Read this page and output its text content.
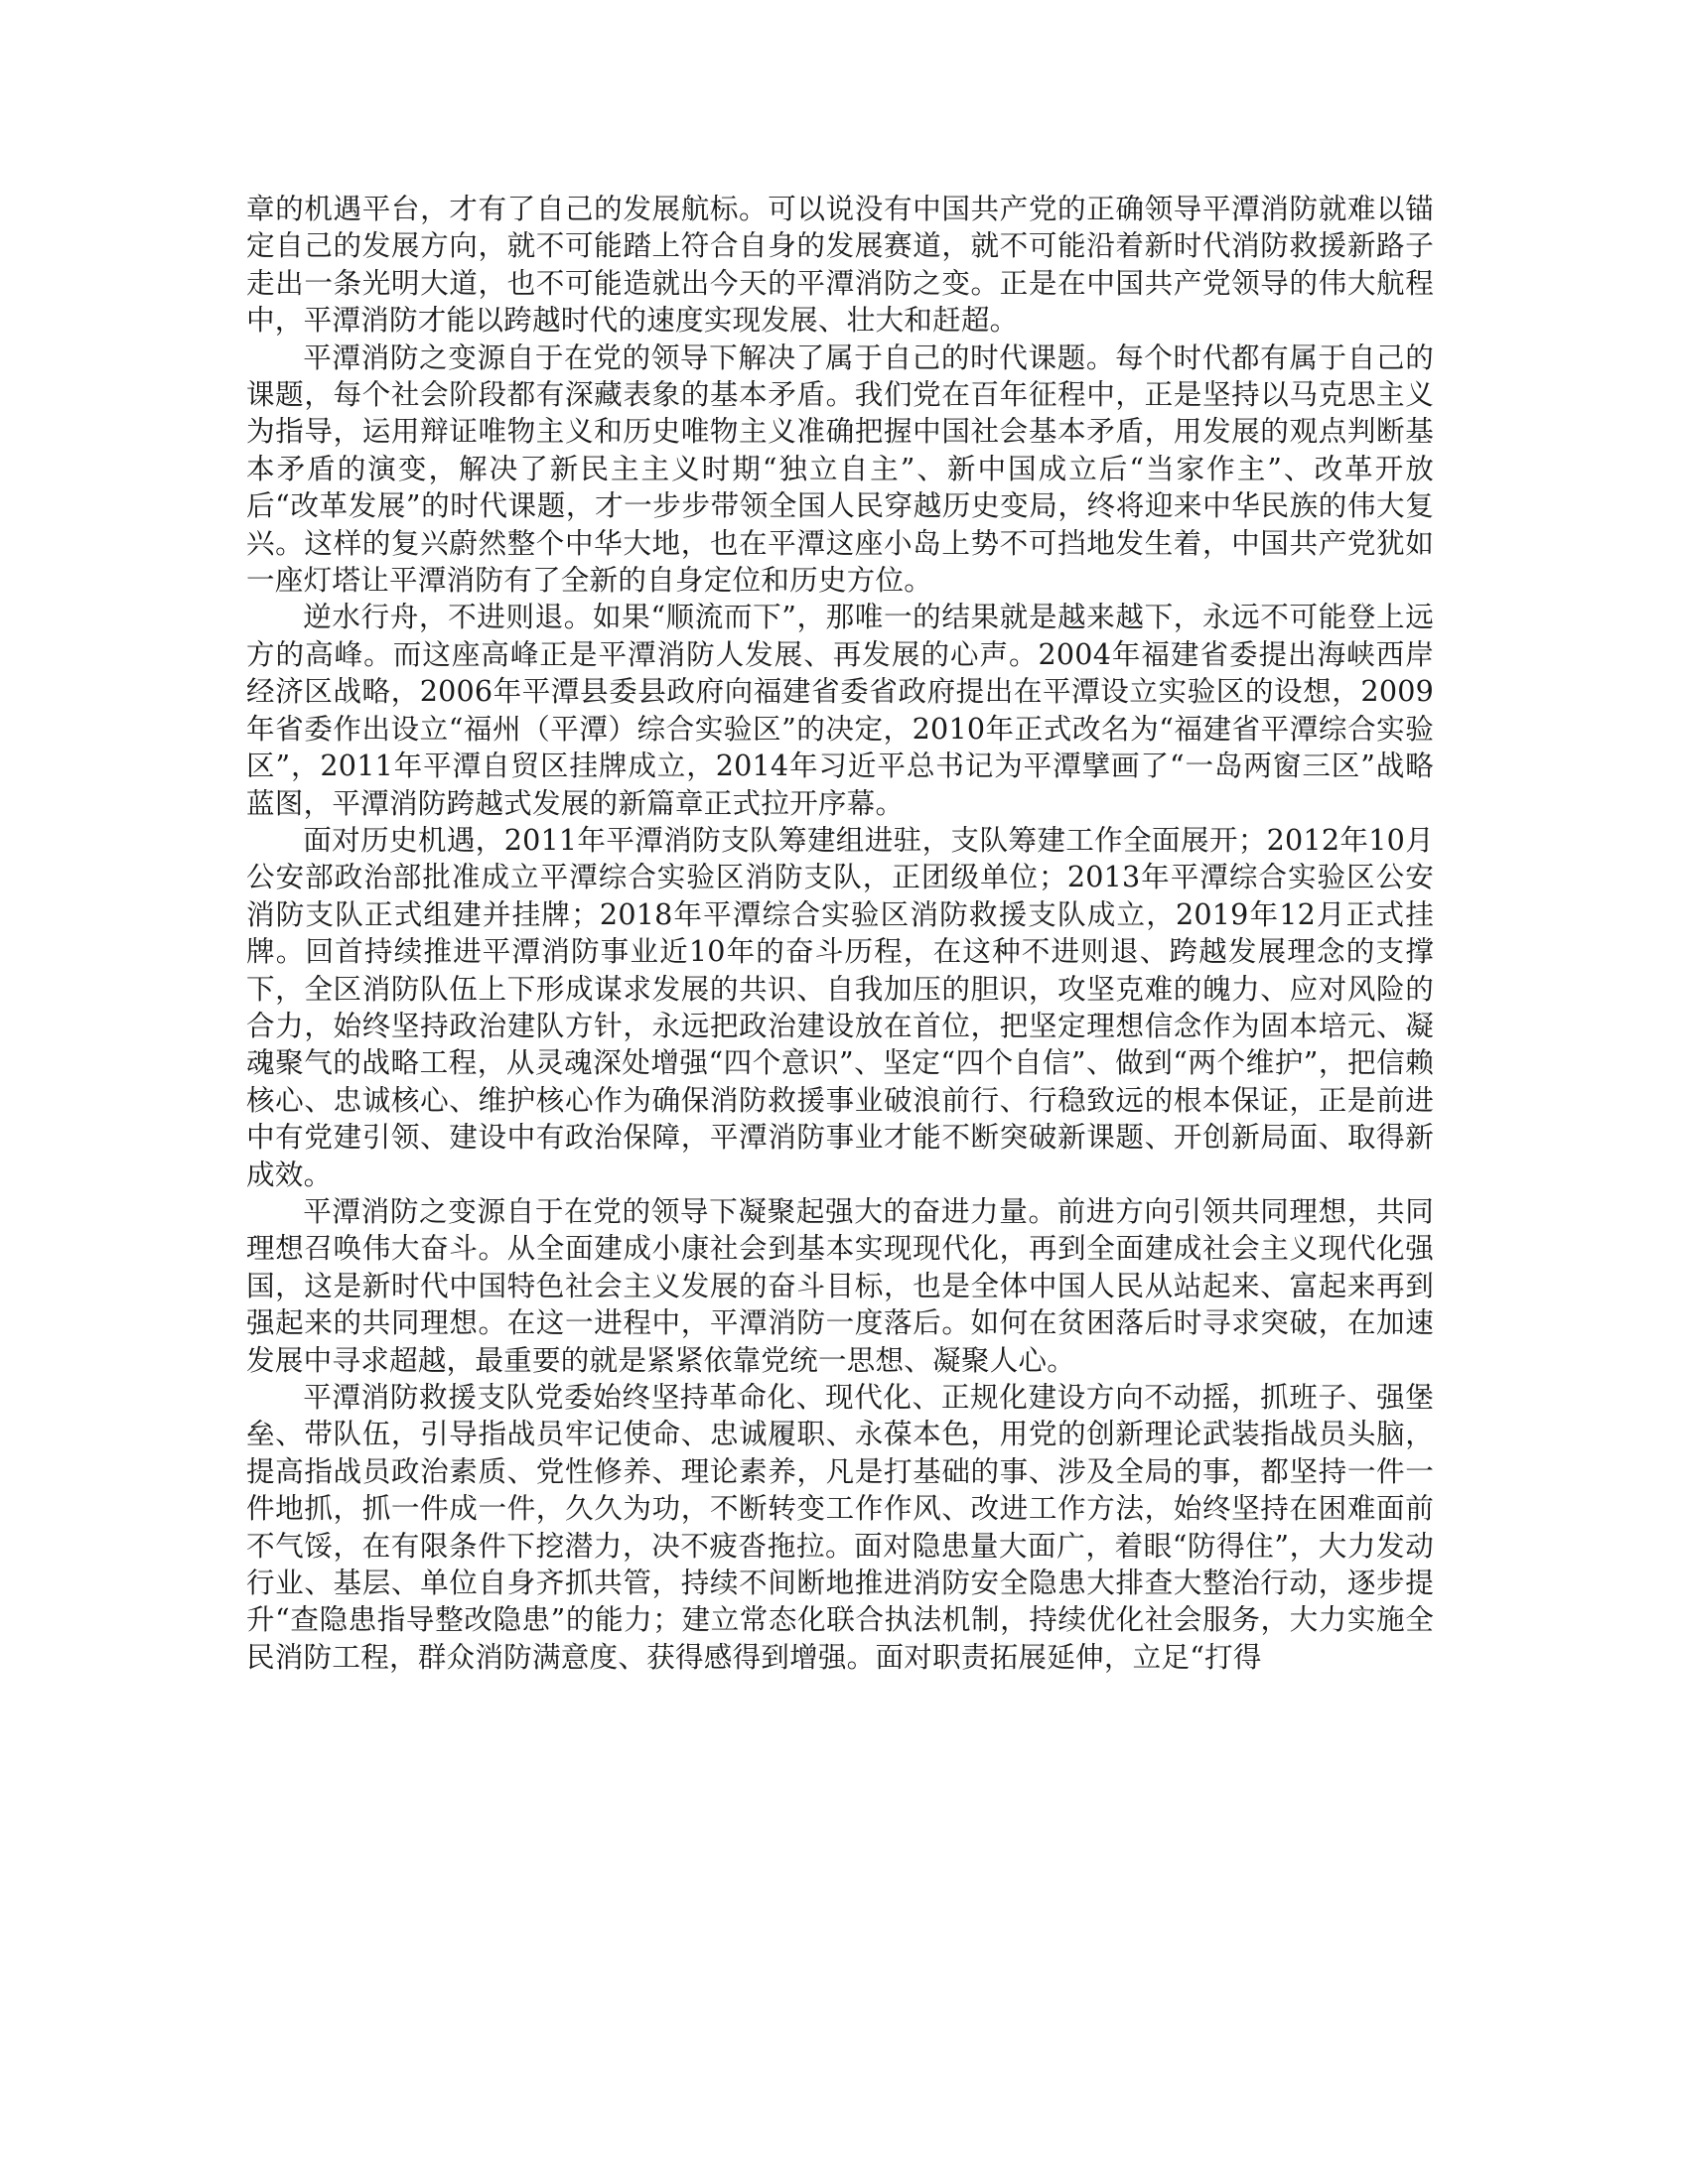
章的机遇平台，才有了自己的发展航标。可以说没有中国共产党的正确领导平潭消防就难以锚定自己的发展方向，就不可能踏上符合自身的发展赛道，就不可能沿着新时代消防救援新路子走出一条光明大道，也不可能造就出今天的平潭消防之变。正是在中国共产党领导的伟大航程中，平潭消防才能以跨越时代的速度实现发展、壮大和赶超。

平潭消防之变源自于在党的领导下解决了属于自己的时代课题。每个时代都有属于自己的课题，每个社会阶段都有深藏表象的基本矛盾。我们党在百年征程中，正是坚持以马克思主义为指导，运用辩证唯物主义和历史唯物主义准确把握中国社会基本矛盾，用发展的观点判断基本矛盾的演变，解决了新民主主义时期“独立自主”、新中国成立后“当家作主”、改革开放后“改革发展”的时代课题，才一步步带领全国人民穿越历史变局，终将迎来中华民族的伟大复兴。这样的复兴蔚然整个中华大地，也在平潭这座小岛上势不可挡地发生着，中国共产党犹如一座灯塔让平潭消防有了全新的自身定位和历史方位。

逆水行舟，不进则退。如果“顺流而下”，那唯一的结果就是越来越下，永远不可能登上远方的高峰。而这座高峰正是平潭消防人发展、再发展的心声。2004年福建省委提出海峡西岸经济区战略，2006年平潭县委县政府向福建省委省政府提出在平潭设立实验区的设想，2009年省委作出设立“福州（平潭）综合实验区”的决定，2010年正式改名为“福建省平潭综合实验区”，2011年平潭自贸区挂牌成立，2014年习近平总书记为平潭擘画了“一岛两窗三区”战略蓝图，平潭消防跨越式发展的新篇章正式拉开序幕。

面对历史机遇，2011年平潭消防支队筹建组进驻，支队筹建工作全面展开；2012年10月公安部政治部批准成立平潭综合实验区消防支队，正团级单位；2013年平潭综合实验区公安消防支队正式组建并挂牌；2018年平潭综合实验区消防救援支队成立，2019年12月正式挂牌。回首持续推进平潭消防事业近10年的奋斗历程，在这种不进则退、跨越发展理念的支撑下，全区消防队伍上下形成谋求发展的共识、自我加压的胆识，攻坚克难的魄力、应对风险的合力，始终坚持政治建队方针，永远把政治建设放在首位，把坚定理想信念作为固本培元、凝魂聚气的战略工程，从灵魂深处增强“四个意识”、坚定“四个自信”、做到“两个维护”，把信赖核心、忠诚核心、维护核心作为确保消防救援事业破浪前行、行稳致远的根本保证，正是前进中有党建引领、建设中有政治保障，平潭消防事业才能不断突破新课题、开创新局面、取得新成效。

平潭消防之变源自于在党的领导下凝聚起强大的奋进力量。前进方向引领共同理想，共同理想召唤伟大奋斗。从全面建成小康社会到基本实现现代化，再到全面建成社会主义现代化强国，这是新时代中国特色社会主义发展的奋斗目标，也是全体中国人民从站起来、富起来再到强起来的共同理想。在这一进程中，平潭消防一度落后。如何在贫困落后时寻求突破，在加速发展中寻求超越，最重要的就是紧紧依靠党统一思想、凝聚人心。

平潭消防救援支队党委始终坚持革命化、现代化、正规化建设方向不动摇，抓班子、强堡垒、带队伍，引导指战员牢记使命、忠诚履职、永葆本色，用党的创新理论武装指战员头脑，提高指战员政治素质、党性修养、理论素养，凡是打基础的事、涉及全局的事，都坚持一件一件地抓，抓一件成一件，久久为功，不断转变工作作风、改进工作方法，始终坚持在困难面前不气馁，在有限条件下挖潜力，决不疲沓拖拉。面对隐患量大面广，着眼“防得住”，大力发动行业、基层、单位自身齐抓共管，持续不间断地推进消防安全隐患大排查大整治行动，逐步提升“查隐患指导整改隐患”的能力；建立常态化联合执法机制，持续优化社会服务，大力实施全民消防工程，群众消防满意度、获得感得到增强。面对职责拓展延伸，立足“打得
